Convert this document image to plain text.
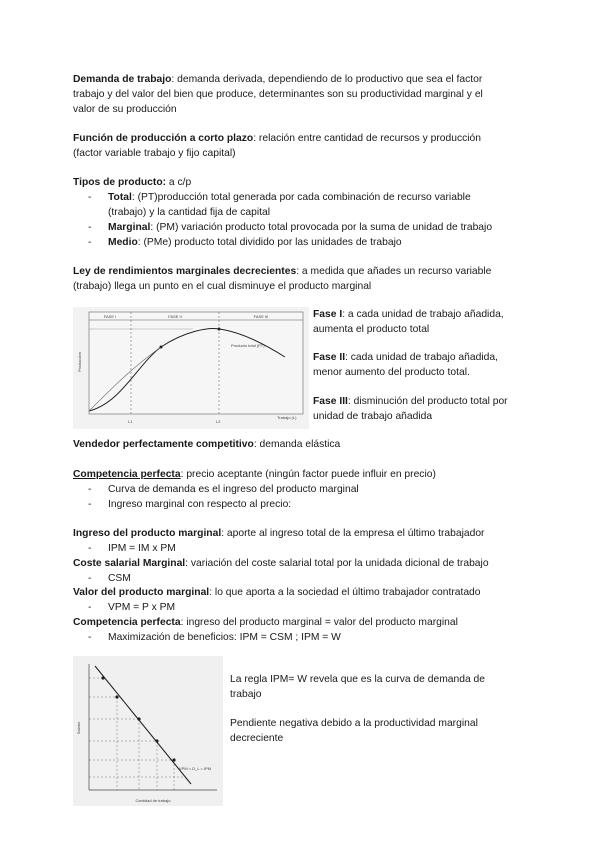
Demanda de trabajo: demanda derivada, dependiendo de lo productivo que sea el factor

trabajo y del valor del bien que produce, determinantes son su productividad marginal y el

valor de su producción

Función de producción a corto plazo: relación entre cantidad de recursos y producción

(factor variable trabajo y fijo capital)

Tipos de producto: a c/p

- Total: (PT)producción total generada por cada combinación de recurso variable

(trabajo) y la cantidad fija de capital

- Marginal: (PM) variación producto total provocada por la suma de unidad de trabajo

- Medio: (PMe) producto total dividido por las unidades de trabajo

Ley de rendimientos marginales decrecientes: a medida que añades un recurso variable

(trabajo) llega un punto en el cual disminuye el producto marginal

FASE I	FASE II	FASE III
Producción
Trabajo (L)
Producto total (PT)
L1	L2

Fase I: a cada unidad de trabajo añadida,

aumenta el producto total

Fase II: cada unidad de trabajo añadida,

menor aumento del producto total.

Fase III: disminución del producto total por

unidad de trabajo añadida

Vendedor perfectamente competitivo: demanda elástica

Competencia perfecta: precio aceptante (ningún factor puede influir en precio)

- Curva de demanda es el ingreso del producto marginal

- Ingreso marginal con respecto al precio:

Ingreso del producto marginal: aporte al ingreso total de la empresa el último trabajador

- IPM = IM x PM

Coste salarial Marginal: variación del coste salarial total por la unidada dicional de trabajo

- CSM

Valor del producto marginal: lo que aporta a la sociedad el último trabajador contratado

- VPM = P x PM

Competencia perfecta: ingreso del producto marginal = valor del producto marginal

- Maximización de beneficios: IPM = CSM ; IPM = W

Salario
Cantidad de trabajo
VPM = D_L = IPM

La regla IPM= W revela que es la curva de demanda de

trabajo

Pendiente negativa debido a la productividad marginal

decreciente
